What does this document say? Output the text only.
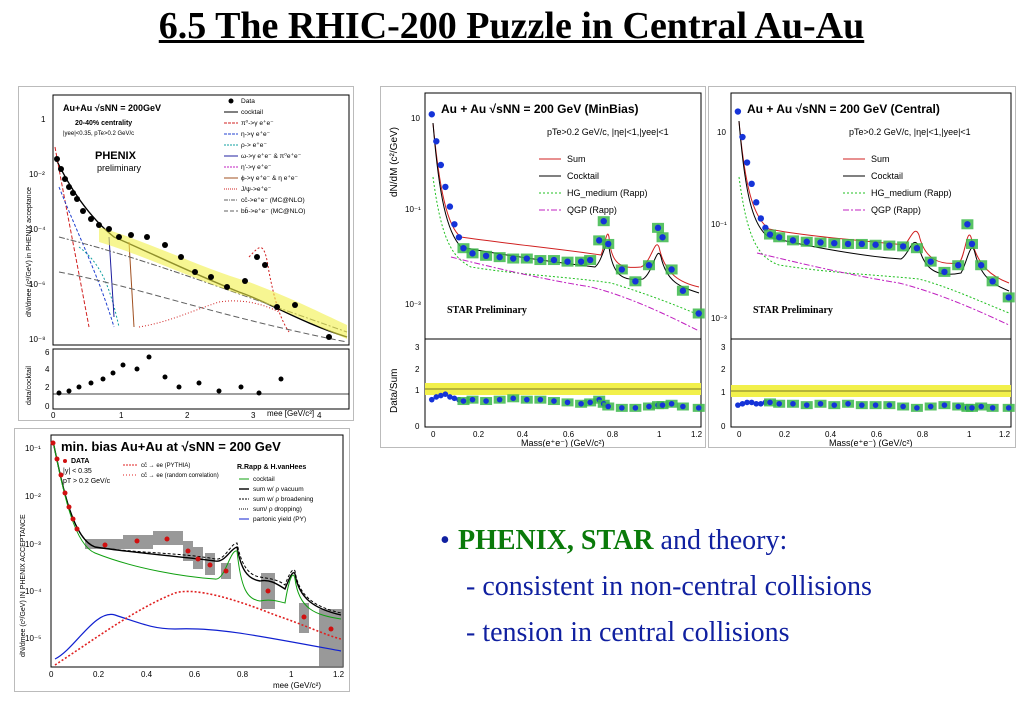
6.5 The RHIC-200 Puzzle in Central Au-Au
10⁻⁸
10⁻⁶
10⁻⁴
10⁻²
1
0
2
4
6
0	1	2	3	4
mee [GeV/c²]
dN/dmee (c²/GeV) in PHENIX acceptance
data/cocktail
Au+Au √sNN = 200GeV
20-40% centrality
|yee|<0.35, pTe>0.2 GeV/c
PHENIX
preliminary
Data
cocktail
π⁰->γ e⁺e⁻
η->γ e⁺e⁻
ρ-> e⁺e⁻
ω->γ e⁺e⁻ & π⁰e⁺e⁻
η'->γ e⁺e⁻
ϕ->γ e⁺e⁻ & η e⁺e⁻
J/ψ->e⁺e⁻
cc̄->e⁺e⁻ (MC@NLO)
bb̄->e⁺e⁻ (MC@NLO)
10⁻⁵
10⁻⁴
10⁻³
10⁻²
10⁻¹
0	0.2	0.4	0.6	0.8	1	1.2
mee (GeV/c²)
dN/dmee (c²/GeV) IN PHENIX ACCEPTANCE
min. bias Au+Au at √sNN = 200 GeV
DATA
|y| < 0.35
pT > 0.2 GeV/c
cc̄ → ee (PYTHIA)
cc̄ → ee (random correlation)
R.Rapp & H.vanHees
cocktail
sum w/ ρ vacuum
sum w/ ρ broadening
sum/ ρ dropping)
partonic yield (PY)
10⁻³
10⁻¹
10
0
1
2
3
0	0.2	0.4	0.6	0.8	1	1.2
Mass(e⁺e⁻) (GeV/c²)
dN/dM (c²/GeV)
Data/Sum
Au + Au √sNN = 200 GeV (MinBias)
pTe>0.2 GeV/c, |ηe|<1,|yee|<1
Sum
Cocktail
HG_medium (Rapp)
QGP (Rapp)
STAR Preliminary
10⁻³
10⁻¹
10
0
1
2
3
0	0.2	0.4	0.6	0.8	1	1.2
Mass(e⁺e⁻) (GeV/c²)
Au + Au √sNN = 200 GeV (Central)
pTe>0.2 GeV/c, |ηe|<1,|yee|<1
Sum
Cocktail
HG_medium (Rapp)
QGP (Rapp)
STAR Preliminary
• PHENIX, STAR and theory:
- consistent in non-central collisions
- tension in central collisions
